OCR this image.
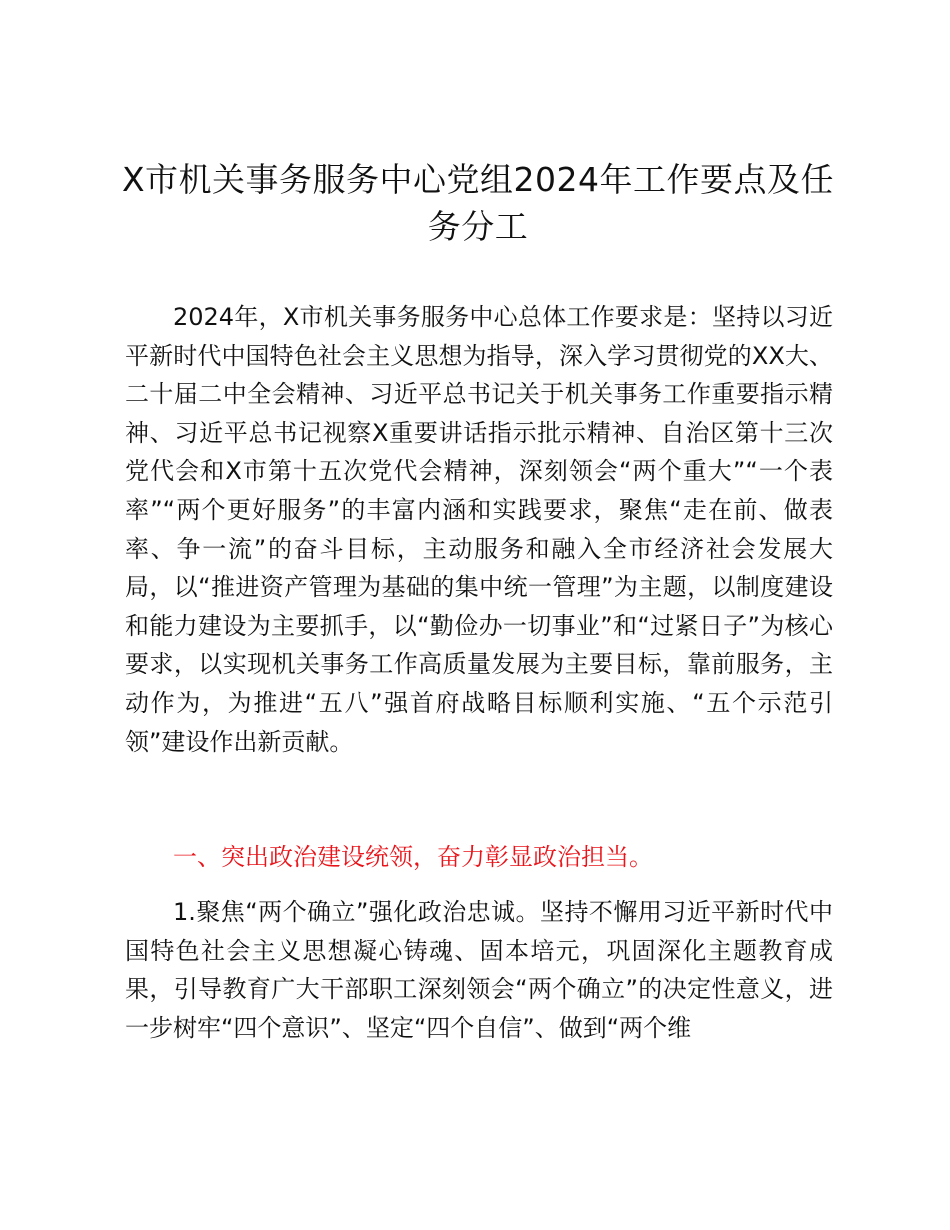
X市机关事务服务中心党组2024年工作要点及任务分工

2024年，X市机关事务服务中心总体工作要求是：坚持以习近平新时代中国特色社会主义思想为指导，深入学习贯彻党的XX大、二十届二中全会精神、习近平总书记关于机关事务工作重要指示精神、习近平总书记视察X重要讲话指示批示精神、自治区第十三次党代会和X市第十五次党代会精神，深刻领会“两个重大”“一个表率”“两个更好服务”的丰富内涵和实践要求，聚焦“走在前、做表率、争一流”的奋斗目标，主动服务和融入全市经济社会发展大局，以“推进资产管理为基础的集中统一管理”为主题，以制度建设和能力建设为主要抓手，以“勤俭办一切事业”和“过紧日子”为核心要求，以实现机关事务工作高质量发展为主要目标，靠前服务，主动作为，为推进“五八”强首府战略目标顺利实施、“五个示范引领”建设作出新贡献。

一、突出政治建设统领，奋力彰显政治担当。

1.聚焦“两个确立”强化政治忠诚。坚持不懈用习近平新时代中国特色社会主义思想凝心铸魂、固本培元，巩固深化主题教育成果，引导教育广大干部职工深刻领会“两个确立”的决定性意义，进一步树牢“四个意识”、坚定“四个自信”、做到“两个维
